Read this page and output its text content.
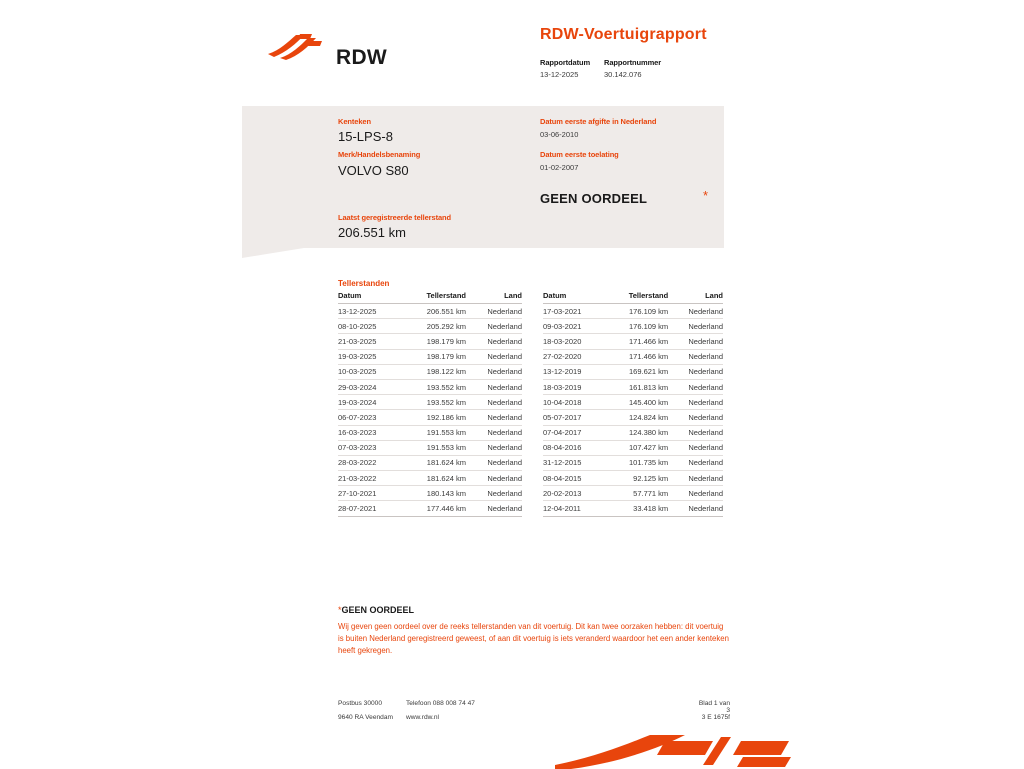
RDW
RDW-Voertuigrapport
Rapportdatum
13-12-2025
Rapportnummer
30.142.076
Kenteken
15-LPS-8
Merk/Handelsbenaming
VOLVO S80
Laatst geregistreerde tellerstand
206.551 km
Datum eerste afgifte in Nederland
03-06-2010
Datum eerste toelating
01-02-2007
GEEN OORDEEL	*
Tellerstanden
Datum	Tellerstand	Land
13-12-2025	206.551 km	Nederland
08-10-2025	205.292 km	Nederland
21-03-2025	198.179 km	Nederland
19-03-2025	198.179 km	Nederland
10-03-2025	198.122 km	Nederland
29-03-2024	193.552 km	Nederland
19-03-2024	193.552 km	Nederland
06-07-2023	192.186 km	Nederland
16-03-2023	191.553 km	Nederland
07-03-2023	191.553 km	Nederland
28-03-2022	181.624 km	Nederland
21-03-2022	181.624 km	Nederland
27-10-2021	180.143 km	Nederland
28-07-2021	177.446 km	Nederland
Datum	Tellerstand	Land
17-03-2021	176.109 km	Nederland
09-03-2021	176.109 km	Nederland
18-03-2020	171.466 km	Nederland
27-02-2020	171.466 km	Nederland
13-12-2019	169.621 km	Nederland
18-03-2019	161.813 km	Nederland
10-04-2018	145.400 km	Nederland
05-07-2017	124.824 km	Nederland
07-04-2017	124.380 km	Nederland
08-04-2016	107.427 km	Nederland
31-12-2015	101.735 km	Nederland
08-04-2015	92.125 km	Nederland
20-02-2013	57.771 km	Nederland
12-04-2011	33.418 km	Nederland
*GEEN OORDEEL
Wij geven geen oordeel over de reeks tellerstanden van dit voertuig. Dit kan twee oorzaken hebben: dit voertuig is buiten Nederland geregistreerd geweest, of aan dit voertuig is iets veranderd waardoor het een ander kenteken heeft gekregen.
Postbus 30000
9640 RA Veendam
Telefoon 088 008 74 47
www.rdw.nl
Blad 1 van 3
3 E 1675f
